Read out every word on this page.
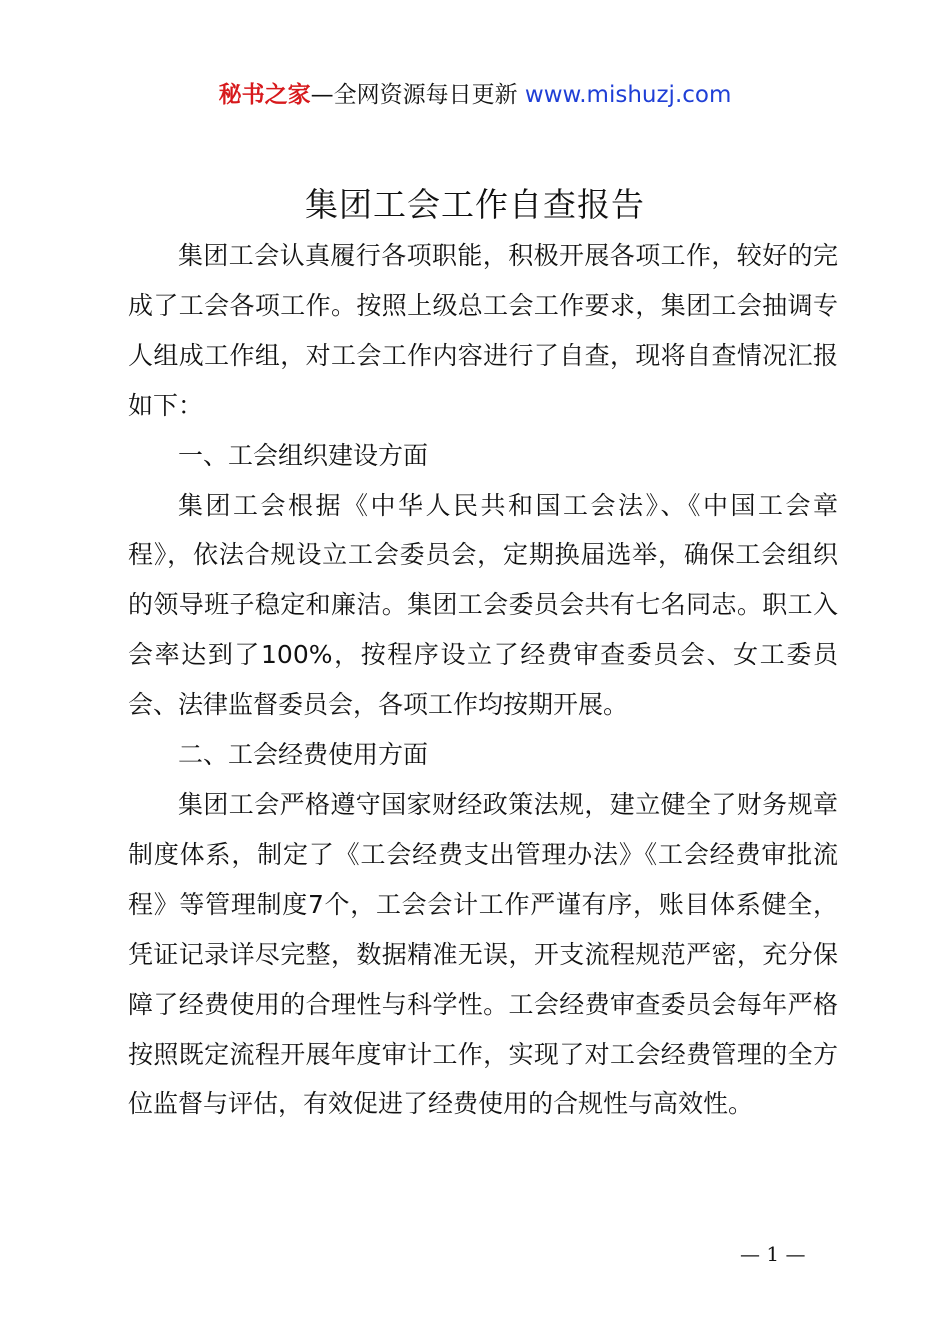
秘书之家—全网资源每日更新 www.mishuzj.com
集团工会工作自查报告

集团工会认真履行各项职能，积极开展各项工作，较好的完成了工会各项工作。按照上级总工会工作要求，集团工会抽调专人组成工作组，对工会工作内容进行了自查，现将自查情况汇报如下：

一、工会组织建设方面

集团工会根据《中华人民共和国工会法》、《中国工会章程》，依法合规设立工会委员会，定期换届选举，确保工会组织的领导班子稳定和廉洁。集团工会委员会共有七名同志。职工入会率达到了100%，按程序设立了经费审查委员会、女工委员会、法律监督委员会，各项工作均按期开展。

二、工会经费使用方面

集团工会严格遵守国家财经政策法规，建立健全了财务规章制度体系，制定了《工会经费支出管理办法》《工会经费审批流程》等管理制度7个，工会会计工作严谨有序，账目体系健全，凭证记录详尽完整，数据精准无误，开支流程规范严密，充分保障了经费使用的合理性与科学性。工会经费审查委员会每年严格按照既定流程开展年度审计工作，实现了对工会经费管理的全方位监督与评估，有效促进了经费使用的合规性与高效性。

— 1 —
